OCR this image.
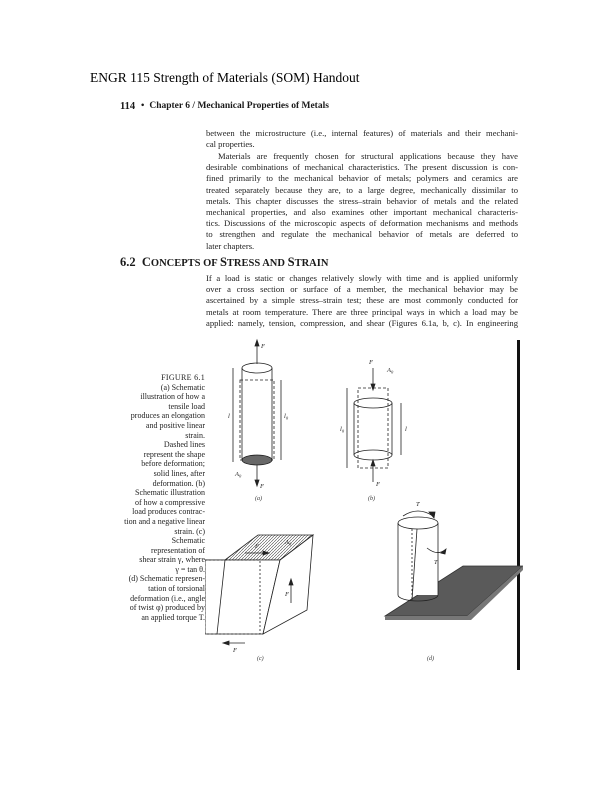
ENGR 115 Strength of Materials (SOM) Handout
114 • Chapter 6 / Mechanical Properties of Metals
between the microstructure (i.e., internal features) of materials and their mechani-
cal properties.
Materials are frequently chosen for structural applications because they have
desirable combinations of mechanical characteristics. The present discussion is con-
fined primarily to the mechanical behavior of metals; polymers and ceramics are
treated separately because they are, to a large degree, mechanically dissimilar to
metals. This chapter discusses the stress–strain behavior of metals and the related
mechanical properties, and also examines other important mechanical characteris-
tics. Discussions of the microscopic aspects of deformation mechanisms and methods
to strengthen and regulate the mechanical behavior of metals are deferred to
later chapters.
6.2 CONCEPTS OF STRESS AND STRAIN
If a load is static or changes relatively slowly with time and is applied uniformly
over a cross section or surface of a member, the mechanical behavior may be
ascertained by a simple stress–strain test; these are most commonly conducted for
metals at room temperature. There are three principal ways in which a load may be
applied: namely, tension, compression, and shear (Figures 6.1a, b, c). In engineering
FIGURE 6.1
(a) Schematic
illustration of how a
tensile load
produces an elongation
and positive linear
strain.
Dashed lines
represent the shape
before deformation;
solid lines, after
deformation. (b)
Schematic illustration
of how a compressive
load produces contrac-
tion and a negative linear
strain. (c)
Schematic
representation of
shear strain γ, where
γ = tan θ.
(d) Schematic represen-
tation of torsional
deformation (i.e., angle
of twist φ) produced by
an applied torque T.
F
F
l	$l_0$
$A_0$
(a)
F
$A_0$
F
$l_0$	l
(b)
$A_0$
F
F
F
(c)
T
T
(d)
